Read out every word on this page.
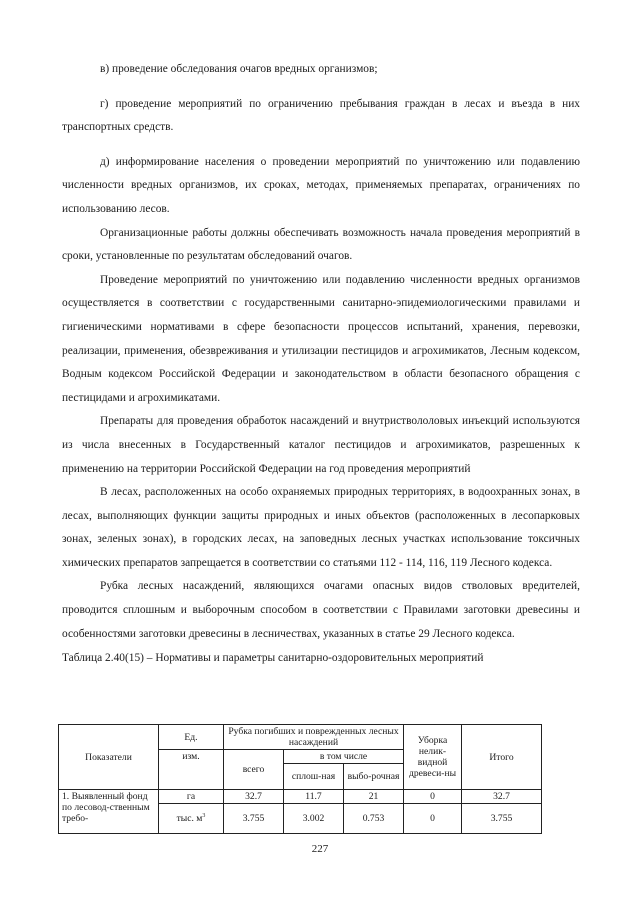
в) проведение обследования очагов вредных организмов;

г) проведение мероприятий по ограничению пребывания граждан в лесах и въезда в них транспортных средств.

д) информирование населения о проведении мероприятий по уничтожению или подавлению численности вредных организмов, их сроках, методах, применяемых препаратах, ограничениях по использованию лесов.

Организационные работы должны обеспечивать возможность начала проведения мероприятий в сроки, установленные по результатам обследований очагов.

Проведение мероприятий по уничтожению или подавлению численности вредных организмов осуществляется в соответствии с государственными санитарно-эпидемиологическими правилами и гигиеническими нормативами в сфере безопасности процессов испытаний, хранения, перевозки, реализации, применения, обезвреживания и утилизации пестицидов и агрохимикатов, Лесным кодексом, Водным кодексом Российской Федерации и законодательством в области безопасного обращения с пестицидами и агрохимикатами.

Препараты для проведения обработок насаждений и внутриствололовых инъекций используются из числа внесенных в Государственный каталог пестицидов и агрохимикатов, разрешенных к применению на территории Российской Федерации на год проведения мероприятий

В лесах, расположенных на особо охраняемых природных территориях, в водоохранных зонах, в лесах, выполняющих функции защиты природных и иных объектов (расположенных в лесопарковых зонах, зеленых зонах), в городских лесах, на заповедных лесных участках использование токсичных химических препаратов запрещается в соответствии со статьями 112 - 114, 116, 119 Лесного кодекса.

Рубка лесных насаждений, являющихся очагами опасных видов стволовых вредителей, проводится сплошным и выборочным способом в соответствии с Правилами заготовки древесины и особенностями заготовки древесины в лесничествах, указанных в статье 29 Лесного кодекса.

Таблица 2.40(15) – Нормативы и параметры санитарно-оздоровительных мероприятий

Показатели	Ед.	Рубка погибших и поврежденных лесных насаждений			Уборка нелик-видной древеси-ны	Итого
	изм.	всего	в том числе			
			сплош-ная	выбо-рочная		
1. Выявленный фонд по лесовод-ственным требо-	га	32.7	11.7	21	0	32.7
	тыс. $м^3$	3.755	3.002	0.753	0	3.755
227
